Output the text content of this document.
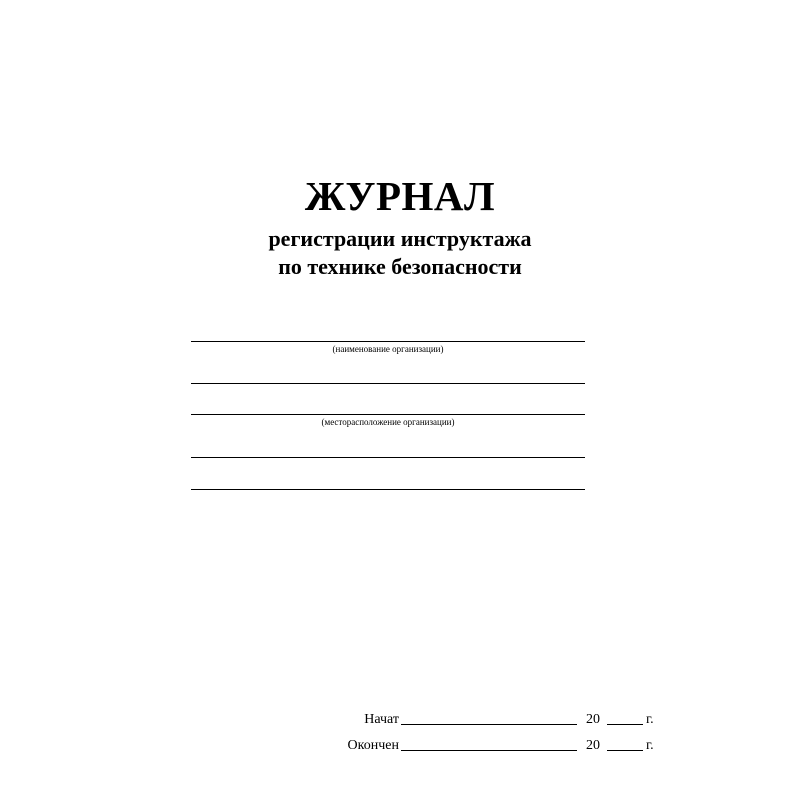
ЖУРНАЛ
регистрации инструктажа
по технике безопасности
(наименование организации)
(месторасположение организации)
Начат	20	г.
Окончен	20	г.
